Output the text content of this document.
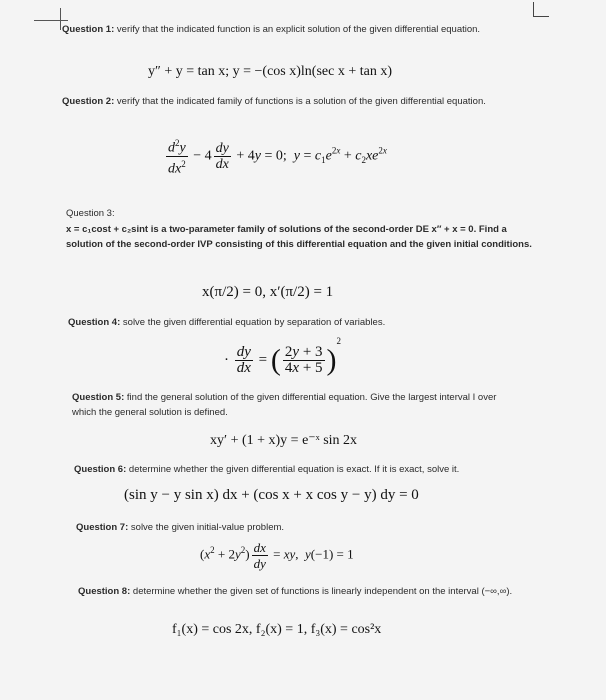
Question 1: verify that the indicated function is an explicit solution of the given differential equation.
y″ + y = tan x; y = −(cos x)ln(sec x + tan x)
Question 2: verify that the indicated family of functions is a solution of the given differential equation.
$\frac{d^2y}{dx^2} - 4 \frac{dy}{dx} + 4y = 0$;  $y = c_1e^{2x} + c_2xe^{2x}$
Question 3:
x = c₁cost + c₂sint is a two-parameter family of solutions of the second-order DE x″ + x = 0. Find a solution of the second-order IVP consisting of this differential equation and the given initial conditions.
x(π/2) = 0, x′(π/2) = 1
Question 4: solve the given differential equation by separation of variables.
· $\frac{dy}{dx}$ = ( $\frac{2y + 3}{4x + 5} )^2$
Question 5: find the general solution of the given differential equation. Give the largest interval I over which the general solution is defined.
xy′ + (1 + x)y = e⁻ˣ sin 2x
Question 6: determine whether the given differential equation is exact. If it is exact, solve it.
(sin y − y sin x) dx + (cos x + x cos y − y) dy = 0
Question 7: solve the given initial-value problem.
$(x^2 + 2y^2) \frac{dx}{dy}$ = xy,  y(−1) = 1
Question 8: determine whether the given set of functions is linearly independent on the interval (−∞,∞).
f₁(x) = cos 2x, f₂(x) = 1, f₃(x) = cos²x
